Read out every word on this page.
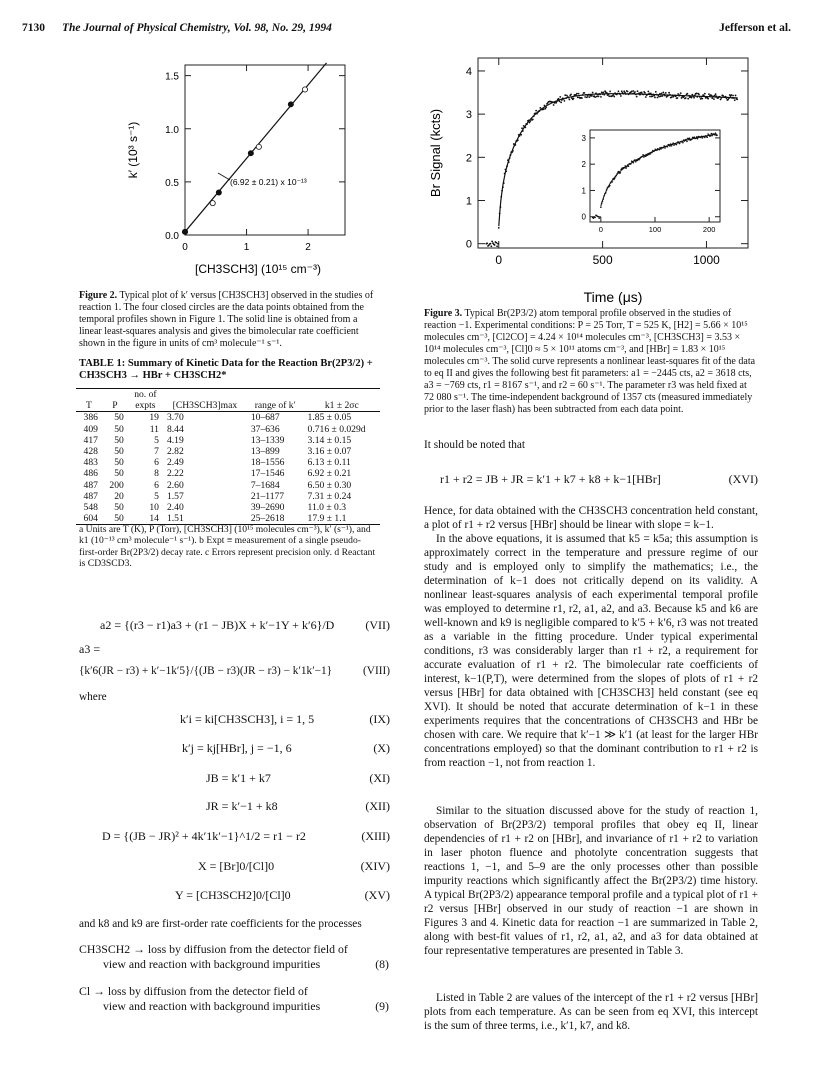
7130 The Journal of Physical Chemistry, Vol. 98, No. 29, 1994	Jefferson et al.
0.0
0.5
1.0
1.5
0	1	2
(6.92 ± 0.21) x 10⁻¹³
[CH3SCH3] (10¹⁵ cm⁻³)
k′ (10³ s⁻¹)
Figure 2. Typical plot of k′ versus [CH3SCH3] observed in the studies of reaction 1. The four closed circles are the data points obtained from the temporal profiles shown in Figure 1. The solid line is obtained from a linear least-squares analysis and gives the bimolecular rate coefficient shown in the figure in units of cm³ molecule⁻¹ s⁻¹.
TABLE 1: Summary of Kinetic Data for the Reaction Br(2P3/2) + CH3SCH3 → HBr + CH3SCH2*
		no. of			
T	P	expts	[CH3SCH3]max	range of k′	k1 ± 2σc
386	50	19	3.70	10–687	1.85 ± 0.05
409	50	11	8.44	37–636	0.716 ± 0.029d
417	50	5	4.19	13–1339	3.14 ± 0.15
428	50	7	2.82	13–899	3.16 ± 0.07
483	50	6	2.49	18–1556	6.13 ± 0.11
486	50	8	2.22	17–1546	6.92 ± 0.21
487	200	6	2.60	7–1684	6.50 ± 0.30
487	20	5	1.57	21–1177	7.31 ± 0.24
548	50	10	2.40	39–2690	11.0 ± 0.3
604	50	14	1.51	25–2618	17.9 ± 1.1
a Units are T (K), P (Torr), [CH3SCH3] (10¹⁵ molecules cm⁻³), k′ (s⁻¹), and k1 (10⁻¹³ cm³ molecule⁻¹ s⁻¹). b Expt ≡ measurement of a single pseudo-first-order Br(2P3/2) decay rate. c Errors represent precision only. d Reactant is CD3SCD3.
a2 = {(r3 − r1)a3 + (r1 − JB)X + k′−1Y + k′6}/D	(VII)
a3 =
{k′6(JR − r3) + k′−1k′5}/{(JB − r3)(JR − r3) − k′1k′−1}	(VIII)
where
k′i = ki[CH3SCH3], i = 1, 5	(IX)
k′j = kj[HBr], j = −1, 6	(X)
JB = k′1 + k7	(XI)
JR = k′−1 + k8	(XII)
D = {(JB − JR)² + 4k′1k′−1}^1/2 = r1 − r2	(XIII)
X = [Br]0/[Cl]0	(XIV)
Y = [CH3SCH2]0/[Cl]0	(XV)
and k8 and k9 are first-order rate coefficients for the processes
CH3SCH2 → loss by diffusion from the detector field of
view and reaction with background impurities	(8)
Cl → loss by diffusion from the detector field of
view and reaction with background impurities	(9)
0
1
2
3
4
0	500	1000
0
1
2
3
0	100	200
Time (μs)
Br Signal (kcts)
Figure 3. Typical Br(2P3/2) atom temporal profile observed in the studies of reaction −1. Experimental conditions: P = 25 Torr, T = 525 K, [H2] = 5.66 × 10¹⁵ molecules cm⁻³, [Cl2CO] = 4.24 × 10¹⁴ molecules cm⁻³, [CH3SCH3] = 3.53 × 10¹⁴ molecules cm⁻³, [Cl]0 ≈ 5 × 10¹¹ atoms cm⁻³, and [HBr] = 1.83 × 10¹⁵ molecules cm⁻³. The solid curve represents a nonlinear least-squares fit of the data to eq II and gives the following best fit parameters: a1 = −2445 cts, a2 = 3618 cts, a3 = −769 cts, r1 = 8167 s⁻¹, and r2 = 60 s⁻¹. The parameter r3 was held fixed at 72 080 s⁻¹. The time-independent background of 1357 cts (measured immediately prior to the laser flash) has been subtracted from each data point.
It should be noted that
r1 + r2 = JB + JR = k′1 + k7 + k8 + k−1[HBr]	(XVI)
Hence, for data obtained with the CH3SCH3 concentration held constant, a plot of r1 + r2 versus [HBr] should be linear with slope = k−1.
In the above equations, it is assumed that k5 = k5a; this assumption is approximately correct in the temperature and pressure regime of our study and is employed only to simplify the mathematics; i.e., the determination of k−1 does not critically depend on its validity. A nonlinear least-squares analysis of each experimental temporal profile was employed to determine r1, r2, a1, a2, and a3. Because k5 and k6 are well-known and k9 is negligible compared to k′5 + k′6, r3 was not treated as a variable in the fitting procedure. Under typical experimental conditions, r3 was considerably larger than r1 + r2, a requirement for accurate evaluation of r1 + r2. The bimolecular rate coefficients of interest, k−1(P,T), were determined from the slopes of plots of r1 + r2 versus [HBr] for data obtained with [CH3SCH3] held constant (see eq XVI). It should be noted that accurate determination of k−1 in these experiments requires that the concentrations of CH3SCH3 and HBr be chosen with care. We require that k′−1 ≫ k′1 (at least for the larger HBr concentrations employed) so that the dominant contribution to r1 + r2 is from reaction −1, not from reaction 1.
Similar to the situation discussed above for the study of reaction 1, observation of Br(2P3/2) temporal profiles that obey eq II, linear dependencies of r1 + r2 on [HBr], and invariance of r1 + r2 to variation in laser photon fluence and photolyte concentration suggests that reactions 1, −1, and 5–9 are the only processes other than possible impurity reactions which significantly affect the Br(2P3/2) time history. A typical Br(2P3/2) appearance temporal profile and a typical plot of r1 + r2 versus [HBr] observed in our study of reaction −1 are shown in Figures 3 and 4. Kinetic data for reaction −1 are summarized in Table 2, along with best-fit values of r1, r2, a1, a2, and a3 for data obtained at four representative temperatures are presented in Table 3.
Listed in Table 2 are values of the intercept of the r1 + r2 versus [HBr] plots from each temperature. As can be seen from eq XVI, this intercept is the sum of three terms, i.e., k′1, k7, and k8.
